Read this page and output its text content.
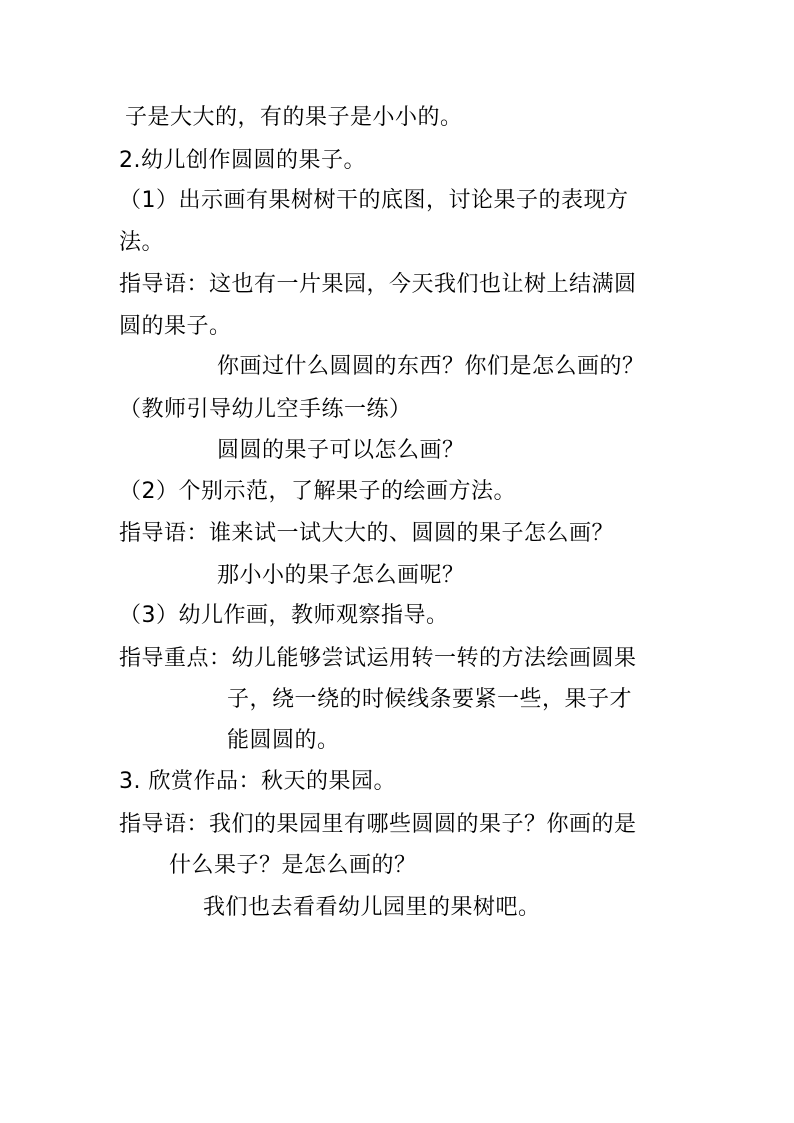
子是大大的，有的果子是小小的。
2.幼儿创作圆圆的果子。
（1）出示画有果树树干的底图，讨论果子的表现方
法。
指导语：这也有一片果园，今天我们也让树上结满圆
圆的果子。
你画过什么圆圆的东西？你们是怎么画的？
（教师引导幼儿空手练一练）
圆圆的果子可以怎么画？
（2）个别示范，了解果子的绘画方法。
指导语：谁来试一试大大的、圆圆的果子怎么画？
那小小的果子怎么画呢？
（3）幼儿作画，教师观察指导。
指导重点：幼儿能够尝试运用转一转的方法绘画圆果
子，绕一绕的时候线条要紧一些，果子才
能圆圆的。
3. 欣赏作品：秋天的果园。
指导语：我们的果园里有哪些圆圆的果子？你画的是
什么果子？是怎么画的？
我们也去看看幼儿园里的果树吧。
